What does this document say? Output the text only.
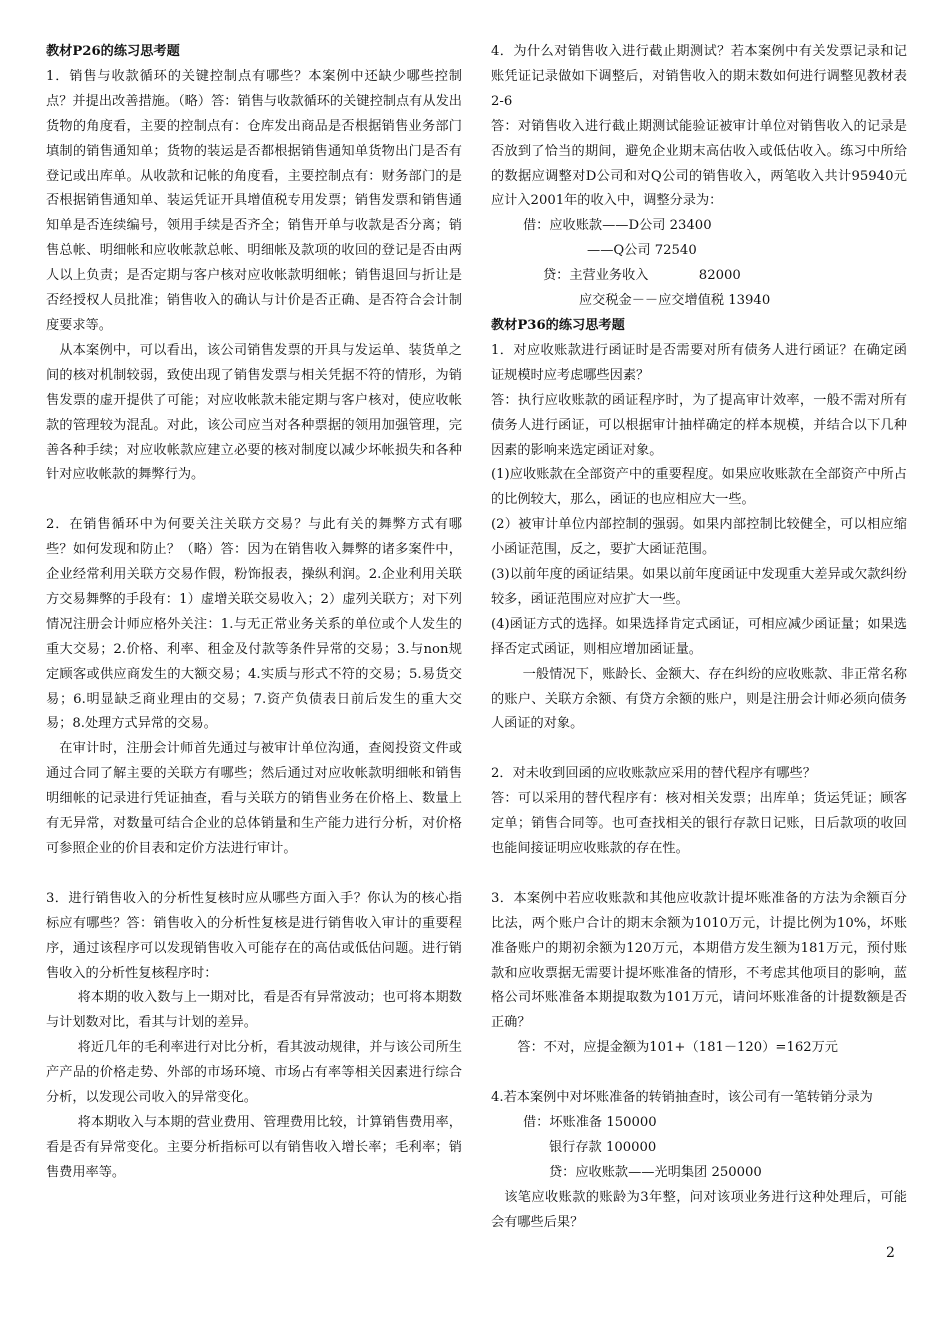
教材P26的练习思考题

1．销售与收款循环的关键控制点有哪些？本案例中还缺少哪些控制点？并提出改善措施。（略）答：销售与收款循环的关键控制点有从发出货物的角度看，主要的控制点有：仓库发出商品是否根据销售业务部门填制的销售通知单；货物的装运是否都根据销售通知单货物出门是否有登记或出库单。从收款和记帐的角度看，主要控制点有：财务部门的是否根据销售通知单、装运凭证开具增值税专用发票；销售发票和销售通知单是否连续编号，领用手续是否齐全；销售开单与收款是否分离；销售总帐、明细帐和应收帐款总帐、明细帐及款项的收回的登记是否由两人以上负责；是否定期与客户核对应收帐款明细帐；销售退回与折让是否经授权人员批准；销售收入的确认与计价是否正确、是否符合会计制度要求等。

从本案例中，可以看出，该公司销售发票的开具与发运单、装货单之间的核对机制较弱，致使出现了销售发票与相关凭据不符的情形，为销售发票的虚开提供了可能；对应收帐款未能定期与客户核对，使应收帐款的管理较为混乱。对此，该公司应当对各种票据的领用加强管理，完善各种手续；对应收帐款应建立必要的核对制度以减少坏帐损失和各种针对应收帐款的舞弊行为。

2．在销售循环中为何要关注关联方交易？与此有关的舞弊方式有哪些？如何发现和防止？（略）答：因为在销售收入舞弊的诸多案件中，企业经常利用关联方交易作假，粉饰报表，操纵利润。2.企业利用关联方交易舞弊的手段有：1）虚增关联交易收入；2）虚列关联方；对下列情况注册会计师应格外关注：1.与无正常业务关系的单位或个人发生的重大交易；2.价格、利率、租金及付款等条件异常的交易；3.与non规定顾客或供应商发生的大额交易；4.实质与形式不符的交易；5.易货交易；6.明显缺乏商业理由的交易；7.资产负债表日前后发生的重大交易；8.处理方式异常的交易。

在审计时，注册会计师首先通过与被审计单位沟通，查阅投资文件或通过合同了解主要的关联方有哪些；然后通过对应收帐款明细帐和销售明细帐的记录进行凭证抽查，看与关联方的销售业务在价格上、数量上有无异常，对数量可结合企业的总体销量和生产能力进行分析，对价格可参照企业的价目表和定价方法进行审计。

3．进行销售收入的分析性复核时应从哪些方面入手？你认为的核心指标应有哪些？答：销售收入的分析性复核是进行销售收入审计的重要程序，通过该程序可以发现销售收入可能存在的高估或低估问题。进行销售收入的分析性复核程序时：

将本期的收入数与上一期对比，看是否有异常波动；也可将本期数与计划数对比，看其与计划的差异。

将近几年的毛利率进行对比分析，看其波动规律，并与该公司所生产产品的价格走势、外部的市场环境、市场占有率等相关因素进行综合分析，以发现公司收入的异常变化。

将本期收入与本期的营业费用、管理费用比较，计算销售费用率，看是否有异常变化。主要分析指标可以有销售收入增长率；毛利率；销售费用率等。

4．为什么对销售收入进行截止期测试？若本案例中有关发票记录和记账凭证记录做如下调整后，对销售收入的期末数如何进行调整见教材表2-6

答：对销售收入进行截止期测试能验证被审计单位对销售收入的记录是否放到了恰当的期间，避免企业期末高估收入或低估收入。练习中所给的数据应调整对D公司和对Q公司的销售收入，两笔收入共计95940元应计入2001年的收入中，调整分录为：

借：应收账款——D公司 23400

——Q公司 72540

贷：主营业务收入            82000

应交税金－－应交增值税 13940

教材P36的练习思考题

1．对应收账款进行函证时是否需要对所有债务人进行函证？在确定函证规模时应考虑哪些因素？

答：执行应收账款的函证程序时，为了提高审计效率，一般不需对所有债务人进行函证，可以根据审计抽样确定的样本规模，并结合以下几种因素的影响来选定函证对象。

(1)应收账款在全部资产中的重要程度。如果应收账款在全部资产中所占的比例较大，那么，函证的也应相应大一些。

(2）被审计单位内部控制的强弱。如果内部控制比较健全，可以相应缩小函证范围，反之，要扩大函证范围。

(3)以前年度的函证结果。如果以前年度函证中发现重大差异或欠款纠纷较多，函证范围应对应扩大一些。

(4)函证方式的选择。如果选择肯定式函证，可相应减少函证量；如果选择否定式函证，则相应增加函证量。

一般情况下，账龄长、金额大、存在纠纷的应收账款、非正常名称的账户、关联方余额、有贷方余额的账户，则是注册会计师必须向债务人函证的对象。

2．对未收到回函的应收账款应采用的替代程序有哪些？

答：可以采用的替代程序有：核对相关发票；出库单；货运凭证；顾客定单；销售合同等。也可查找相关的银行存款日记账，日后款项的收回也能间接证明应收账款的存在性。

3．本案例中若应收账款和其他应收款计提坏账准备的方法为余额百分比法，两个账户合计的期末余额为1010万元，计提比例为10%，坏账准备账户的期初余额为120万元，本期借方发生额为181万元，预付账款和应收票据无需要计提坏账准备的情形，不考虑其他项目的影响，蓝格公司坏账准备本期提取数为101万元，请问坏账准备的计提数额是否正确？

答：不对，应提金额为101+（181－120）=162万元

4.若本案例中对坏账准备的转销抽查时，该公司有一笔转销分录为

借：坏账准备 150000

银行存款 100000

贷：应收账款——光明集团 250000

该笔应收账款的账龄为3年整，问对该项业务进行这种处理后，可能会有哪些后果？

2
